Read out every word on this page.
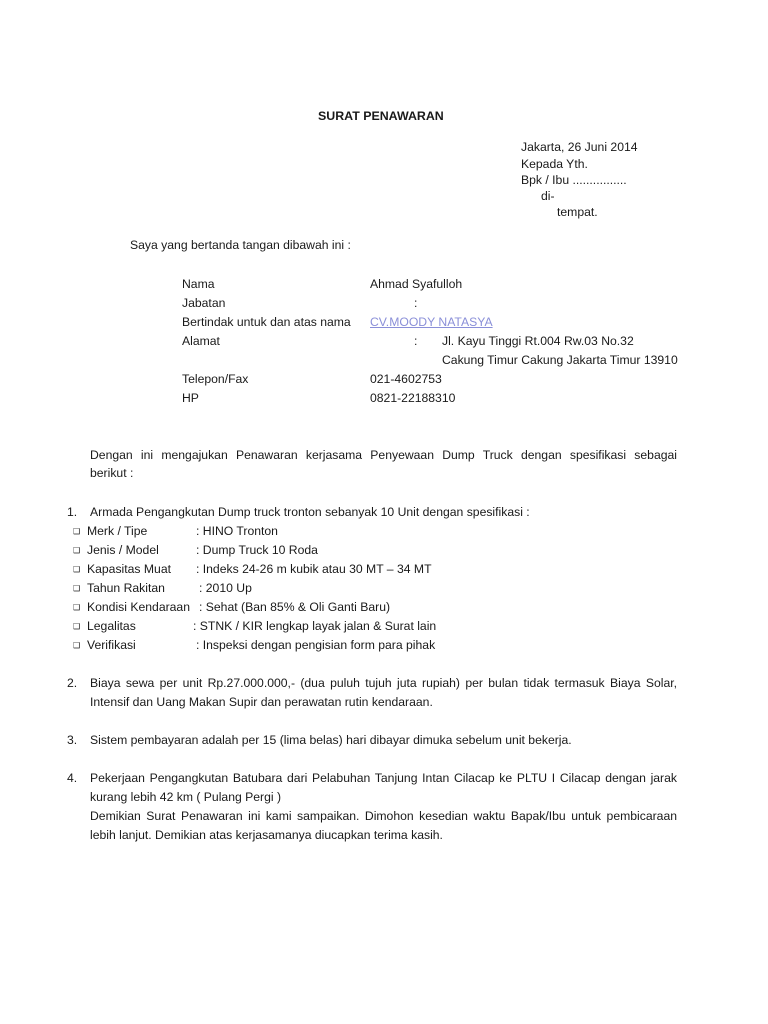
SURAT PENAWARAN
Jakarta, 26 Juni 2014
Kepada Yth.
Bpk / Ibu ................
di-
tempat.
Saya yang bertanda tangan dibawah ini :
Nama	Ahmad Syafulloh
Jabatan	:
Bertindak untuk dan atas nama CV.MOODY NATASYA
Alamat	: Jl. Kayu Tinggi Rt.004 Rw.03 No.32
Cakung Timur Cakung Jakarta Timur 13910
Telepon/Fax	021-4602753
HP	0821-22188310
Dengan ini mengajukan Penawaran kerjasama Penyewaan Dump Truck dengan spesifikasi sebagai
berikut :
1. Armada Pengangkutan Dump truck tronton sebanyak 10 Unit dengan spesifikasi :
❑ Merk / Tipe	: HINO Tronton
❑ Jenis / Model	: Dump Truck 10 Roda
❑ Kapasitas Muat : Indeks 24-26 m kubik atau 30 MT – 34 MT
❑ Tahun Rakitan	: 2010 Up
❑ Kondisi Kendaraan : Sehat (Ban 85% & Oli Ganti Baru)
❑ Legalitas	: STNK / KIR lengkap layak jalan & Surat lain
❑ Verifikasi	: Inspeksi dengan pengisian form para pihak
2. Biaya sewa per unit Rp.27.000.000,- (dua puluh tujuh juta rupiah) per bulan tidak termasuk Biaya Solar,
Intensif dan Uang Makan Supir dan perawatan rutin kendaraan.
3. Sistem pembayaran adalah per 15 (lima belas) hari dibayar dimuka sebelum unit bekerja.
4. Pekerjaan Pengangkutan Batubara dari Pelabuhan Tanjung Intan Cilacap ke PLTU I Cilacap dengan jarak
kurang lebih 42 km ( Pulang Pergi )
Demikian Surat Penawaran ini kami sampaikan. Dimohon kesedian waktu Bapak/Ibu untuk pembicaraan
lebih lanjut. Demikian atas kerjasamanya diucapkan terima kasih.
